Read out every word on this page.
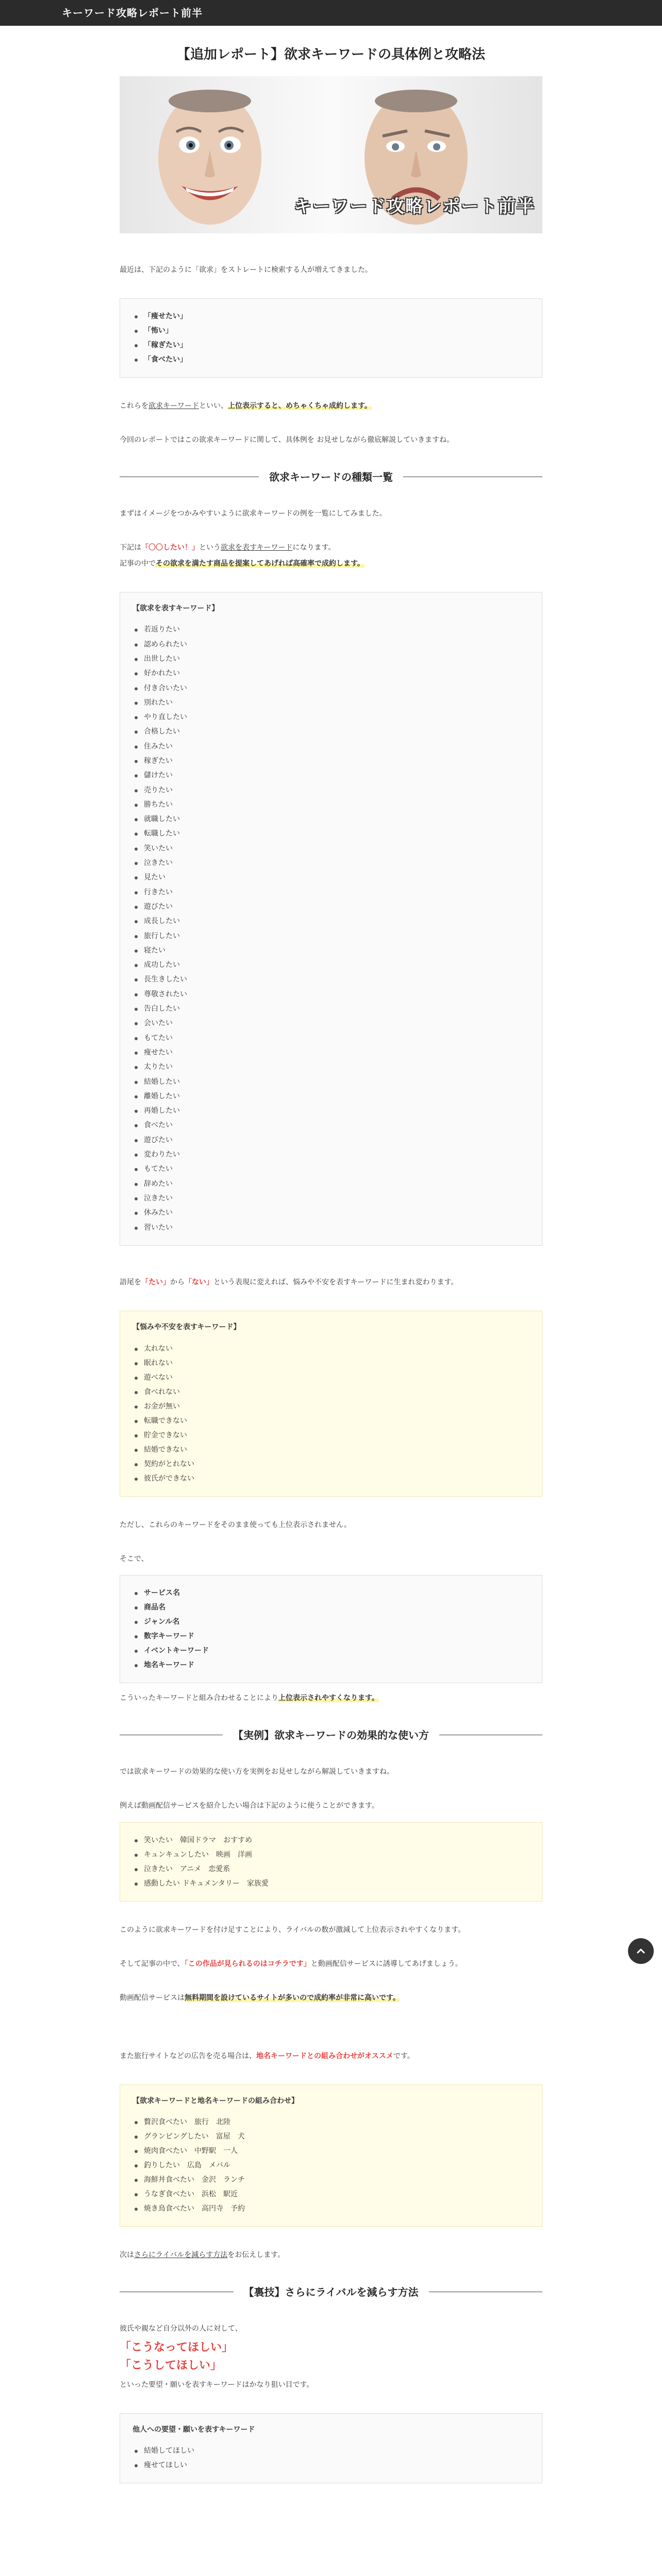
キーワード攻略レポート前半
【追加レポート】欲求キーワードの具体例と攻略法
キーワード攻略レポート前半

最近は、下記のように「欲求」をストレートに検索する人が増えてきました。

「痩せたい」
「怖い」
「稼ぎたい」
「食べたい」

これらを欲求キーワードといい、上位表示すると、めちゃくちゃ成約します。

今回のレポートではこの欲求キーワードに関して、具体例を お見せしながら徹底解説していきますね。

欲求キーワードの種類一覧

まずはイメージをつかみやすいように欲求キーワードの例を一覧にしてみました。

下記は「〇〇したい！」という欲求を表すキーワードになります。

記事の中でその欲求を満たす商品を提案してあげれば高確率で成約します。

【欲求を表すキーワード】
若返りたい
認められたい
出世したい
好かれたい
付き合いたい
別れたい
やり直したい
合格したい
住みたい
稼ぎたい
儲けたい
売りたい
勝ちたい
就職したい
転職したい
笑いたい
泣きたい
見たい
行きたい
遊びたい
成長したい
旅行したい
寝たい
成功したい
長生きしたい
尊敬されたい
告白したい
会いたい
もてたい
痩せたい
太りたい
結婚したい
離婚したい
再婚したい
食べたい
遊びたい
変わりたい
もてたい
辞めたい
泣きたい
休みたい
習いたい

語尾を「たい」から「ない」という表現に変えれば、悩みや不安を表すキーワードに生まれ変わります。

【悩みや不安を表すキーワード】
太れない
眠れない
遊べない
食べれない
お金が無い
転職できない
貯金できない
結婚できない
契約がとれない
彼氏ができない

ただし、これらのキーワードをそのまま使っても上位表示されません。

そこで、

サービス名
商品名
ジャンル名
数字キーワード
イベントキーワード
地名キーワード

こういったキーワードと組み合わせることにより上位表示されやすくなります。

【実例】欲求キーワードの効果的な使い方

では欲求キーワードの効果的な使い方を実例をお見せしながら解説していきますね。

例えば動画配信サービスを紹介したい場合は下記のように使うことができます。

笑いたい　韓国ドラマ　おすすめ
キュンキュンしたい　映画　洋画
泣きたい　アニメ　恋愛系
感動したい ドキュメンタリー　家族愛

このように欲求キーワードを付け足すことにより、ライバルの数が激減して上位表示されやすくなります。

そして記事の中で、「この作品が見られるのはコチラです」と動画配信サービスに誘導してあげましょう。

動画配信サービスは無料期間を設けているサイトが多いので成約率が非常に高いです。

また旅行サイトなどの広告を売る場合は、地名キーワードとの組み合わせがオススメです。

【欲求キーワードと地名キーワードの組み合わせ】
贅沢食べたい　旅行　北陸
グランピングしたい　富屋　犬
焼肉食べたい　中野駅　一人
釣りしたい　広島　メバル
海鮮丼食べたい　金沢　ランチ
うなぎ食べたい　浜松　駅近
焼き鳥食べたい　高円寺　予約

次はさらにライバルを減らす方法をお伝えします。

【裏技】さらにライバルを減らす方法

彼氏や親など自分以外の人に対して、

「こうなってほしい」

「こうしてほしい」

といった要望・願いを表すキーワードはかなり狙い目です。

他人への要望・願いを表すキーワード
結婚してほしい
痩せてほしい
